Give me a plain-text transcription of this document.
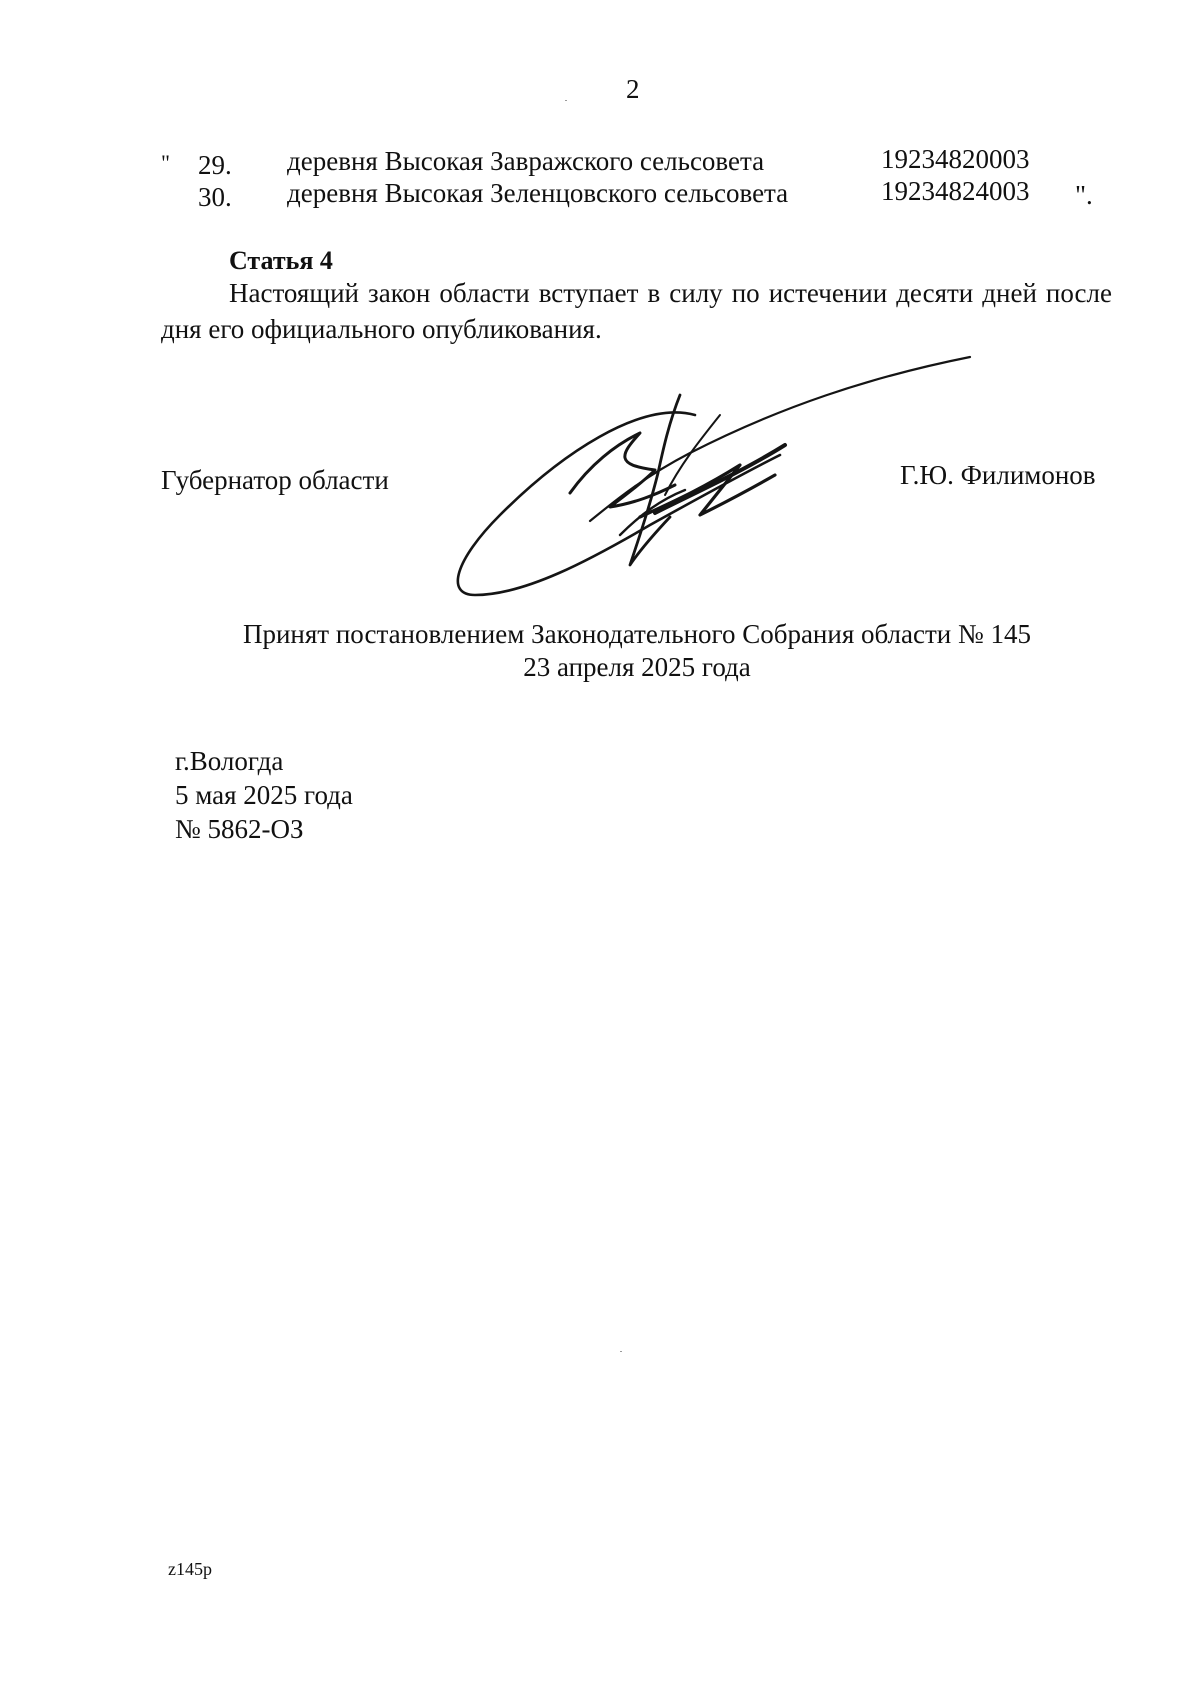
2
" 29. деревня Высокая Завражского сельсовета	19234820003
30. деревня Высокая Зеленцовского сельсовета	19234824003 ".
Статья 4
Настоящий закон области вступает в силу по истечении десяти дней после дня его официального опубликования.
Губернатор области	Г.Ю. Филимонов
Принят постановлением Законодательного Собрания области № 145
23 апреля 2025 года
г.Вологда
5 мая 2025 года
№ 5862-ОЗ
z145p
